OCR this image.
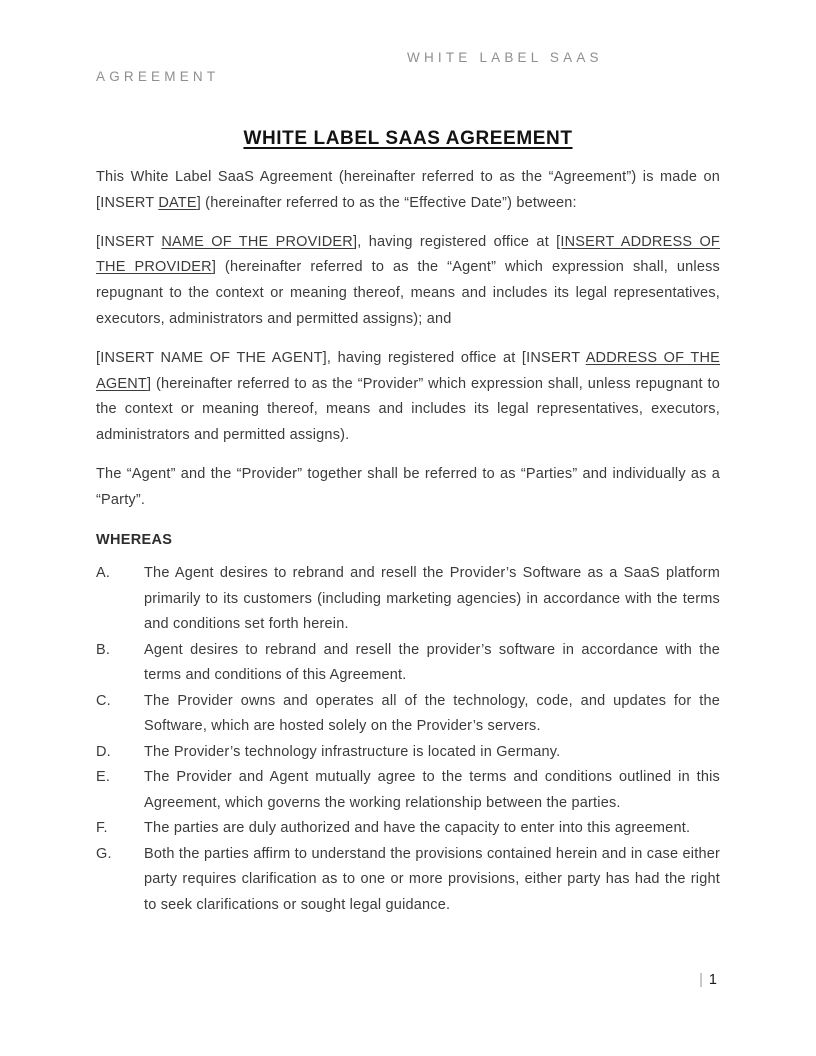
WHITE LABEL SAAS
AGREEMENT
WHITE LABEL SAAS AGREEMENT

This White Label SaaS Agreement (hereinafter referred to as the “Agreement”) is made on [INSERT DATE] (hereinafter referred to as the “Effective Date”) between:

[INSERT NAME OF THE PROVIDER], having registered office at [INSERT ADDRESS OF THE PROVIDER] (hereinafter referred to as the “Agent” which expression shall, unless repugnant to the context or meaning thereof, means and includes its legal representatives, executors, administrators and permitted assigns); and

[INSERT NAME OF THE AGENT], having registered office at [INSERT ADDRESS OF THE AGENT] (hereinafter referred to as the “Provider” which expression shall, unless repugnant to the context or meaning thereof, means and includes its legal representatives, executors, administrators and permitted assigns).

The “Agent” and the “Provider” together shall be referred to as “Parties” and individually as a “Party”.

WHEREAS
A.	The Agent desires to rebrand and resell the Provider’s Software as a SaaS platform primarily to its customers (including marketing agencies) in accordance with the terms and conditions set forth herein.
B.	Agent desires to rebrand and resell the provider’s software in accordance with the terms and conditions of this Agreement.
C.	The Provider owns and operates all of the technology, code, and updates for the Software, which are hosted solely on the Provider’s servers.
D.	The Provider’s technology infrastructure is located in Germany.
E.	The Provider and Agent mutually agree to the terms and conditions outlined in this Agreement, which governs the working relationship between the parties.
F.	The parties are duly authorized and have the capacity to enter into this agreement.
G.	Both the parties affirm to understand the provisions contained herein and in case either party requires clarification as to one or more provisions, either party has had the right to seek clarifications or sought legal guidance.
| 1
